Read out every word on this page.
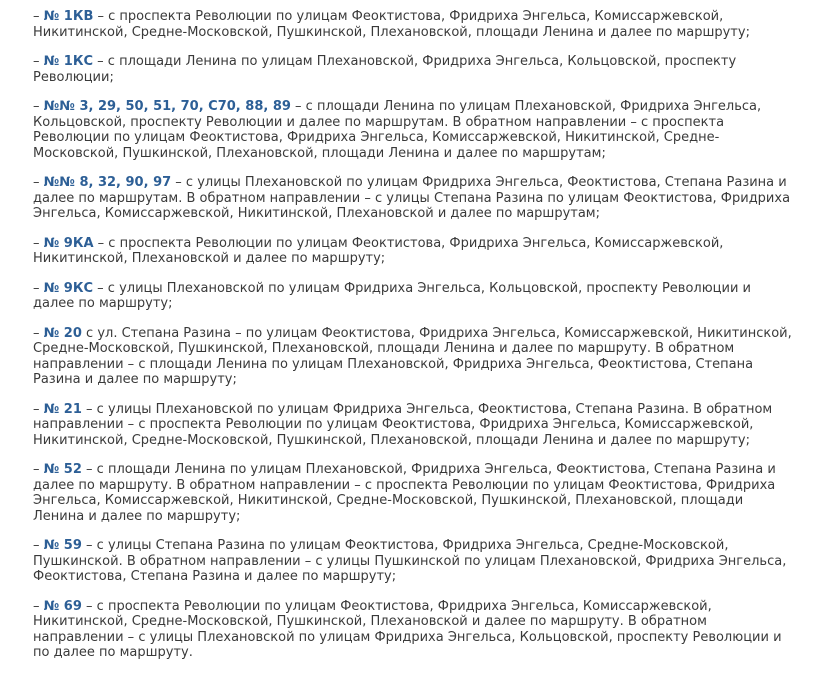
– № 1КВ – с проспекта Революции по улицам Феоктистова, Фридриха Энгельса, Комиссаржевской, Никитинской, Средне-Московской, Пушкинской, Плехановской, площади Ленина и далее по маршруту;

– № 1КС – с площади Ленина по улицам Плехановской, Фридриха Энгельса, Кольцовской, проспекту Революции;

– №№ 3, 29, 50, 51, 70, С70, 88, 89 – с площади Ленина по улицам Плехановской, Фридриха Энгельса, Кольцовской, проспекту Революции и далее по маршрутам. В обратном направлении – с проспекта Революции по улицам Феоктистова, Фридриха Энгельса, Комиссаржевской, Никитинской, Средне-Московской, Пушкинской, Плехановской, площади Ленина и далее по маршрутам;

– №№ 8, 32, 90, 97 – с улицы Плехановской по улицам Фридриха Энгельса, Феоктистова, Степана Разина и далее по маршрутам. В обратном направлении – с улицы Степана Разина по улицам Феоктистова, Фридриха Энгельса, Комиссаржевской, Никитинской, Плехановской и далее по маршрутам;

– № 9КА – с проспекта Революции по улицам Феоктистова, Фридриха Энгельса, Комиссаржевской, Никитинской, Плехановской и далее по маршруту;

– № 9КС – с улицы Плехановской по улицам Фридриха Энгельса, Кольцовской, проспекту Революции и далее по маршруту;

– № 20 с ул. Степана Разина – по улицам Феоктистова, Фридриха Энгельса, Комиссаржевской, Никитинской, Средне-Московской, Пушкинской, Плехановской, площади Ленина и далее по маршруту. В обратном направлении – с площади Ленина по улицам Плехановской, Фридриха Энгельса, Феоктистова, Степана Разина и далее по маршруту;

– № 21 – с улицы Плехановской по улицам Фридриха Энгельса, Феоктистова, Степана Разина. В обратном направлении – с проспекта Революции по улицам Феоктистова, Фридриха Энгельса, Комиссаржевской, Никитинской, Средне-Московской, Пушкинской, Плехановской, площади Ленина и далее по маршруту;

– № 52 – с площади Ленина по улицам Плехановской, Фридриха Энгельса, Феоктистова, Степана Разина и далее по маршруту. В обратном направлении – с проспекта Революции по улицам Феоктистова, Фридриха Энгельса, Комиссаржевской, Никитинской, Средне-Московской, Пушкинской, Плехановской, площади Ленина и далее по маршруту;

– № 59 – с улицы Степана Разина по улицам Феоктистова, Фридриха Энгельса, Средне-Московской, Пушкинской. В обратном направлении – с улицы Пушкинской по улицам Плехановской, Фридриха Энгельса, Феоктистова, Степана Разина и далее по маршруту;

– № 69 – с проспекта Революции по улицам Феоктистова, Фридриха Энгельса, Комиссаржевской, Никитинской, Средне-Московской, Пушкинской, Плехановской и далее по маршруту. В обратном направлении – с улицы Плехановской по улицам Фридриха Энгельса, Кольцовской, проспекту Революции и по далее по маршруту.
